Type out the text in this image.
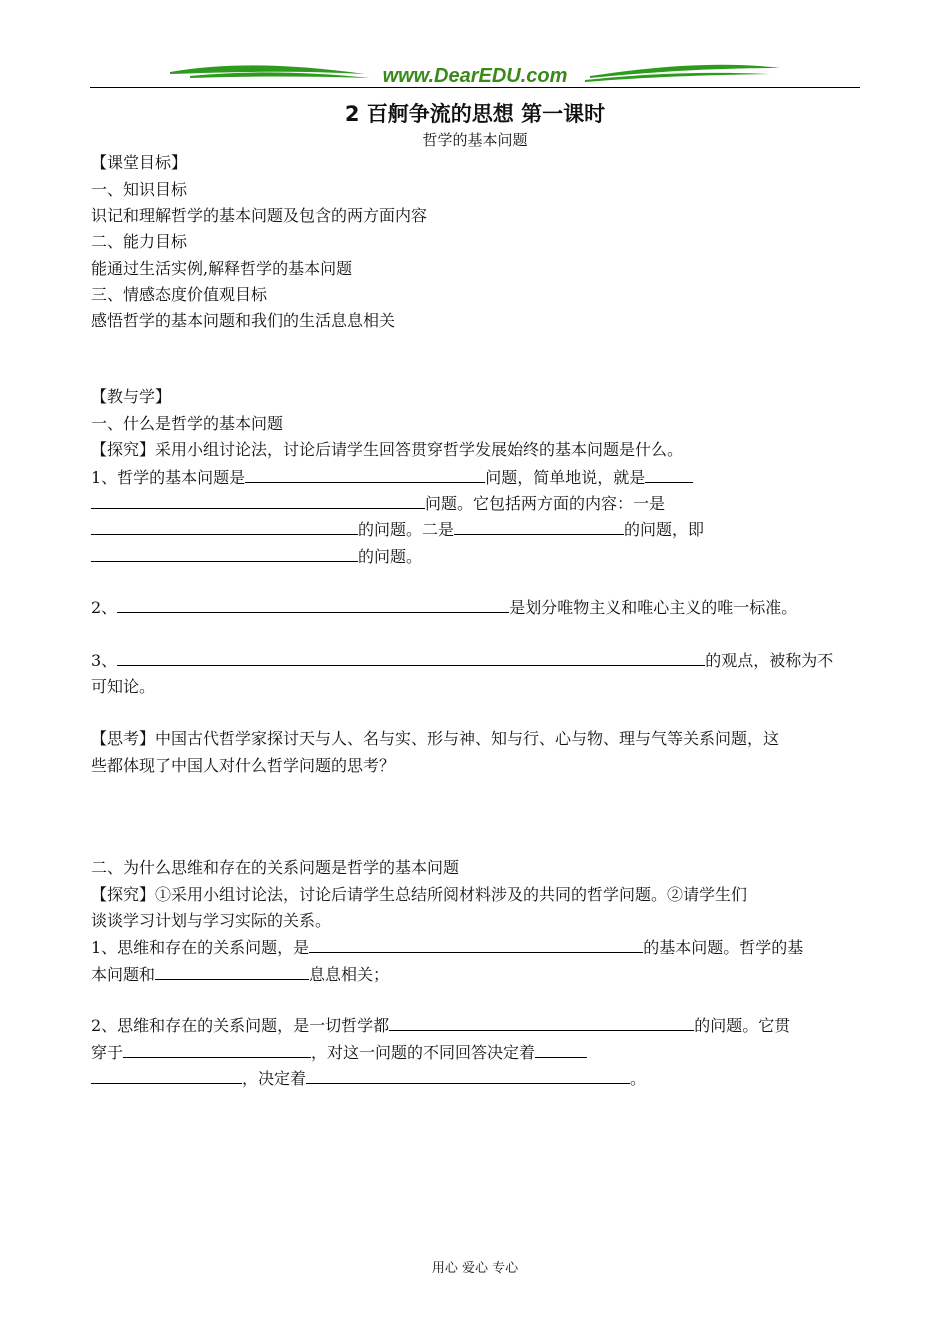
www.DearEDU.com
2 百舸争流的思想 第一课时
哲学的基本问题
【课堂目标】
一、知识目标
识记和理解哲学的基本问题及包含的两方面内容
二、能力目标
能通过生活实例,解释哲学的基本问题
三、情感态度价值观目标
感悟哲学的基本问题和我们的生活息息相关
【教与学】
一、什么是哲学的基本问题
【探究】采用小组讨论法，讨论后请学生回答贯穿哲学发展始终的基本问题是什么。
1、哲学的基本问题是	问题，简单地说，就是
问题。它包括两方面的内容：一是
的问题。二是	的问题，即
的问题。
2、	是划分唯物主义和唯心主义的唯一标准。
3、	的观点，被称为不
可知论。
【思考】中国古代哲学家探讨天与人、名与实、形与神、知与行、心与物、理与气等关系问题，这
些都体现了中国人对什么哲学问题的思考？
二、为什么思维和存在的关系问题是哲学的基本问题
【探究】①采用小组讨论法，讨论后请学生总结所阅材料涉及的共同的哲学问题。②请学生们
谈谈学习计划与学习实际的关系。
1、思维和存在的关系问题，是	的基本问题。哲学的基
本问题和	息息相关；
2、思维和存在的关系问题，是一切哲学都	的问题。它贯
穿于	，对这一问题的不同回答决定着
，决定着	。
用心 爱心 专心
